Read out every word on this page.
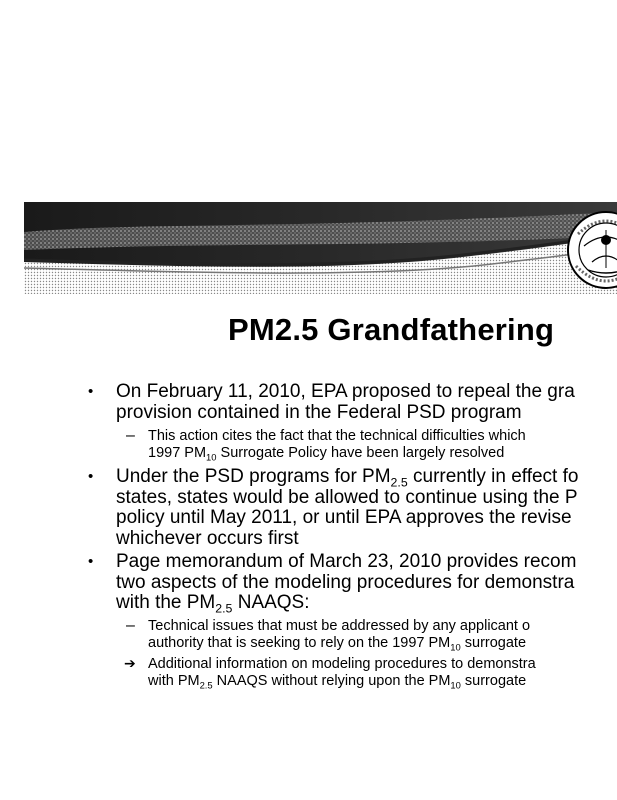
PM2.5 Grandfathering
• On February 11, 2010, EPA proposed to repeal the gra
provision contained in the Federal PSD program
– This action cites the fact that the technical difficulties which
1997 $PM_{10}$ Surrogate Policy have been largely resolved
• Under the PSD programs for $PM_{2.5}$ currently in effect fo
states, states would be allowed to continue using the P
policy until May 2011, or until EPA approves the revise
whichever occurs first
• Page memorandum of March 23, 2010 provides recom
two aspects of the modeling procedures for demonstra
with the $PM_{2.5}$ NAAQS:
– Technical issues that must be addressed by any applicant o
authority that is seeking to rely on the 1997 $PM_{10}$ surrogate
➔ Additional information on modeling procedures to demonstra
with $PM_{2.5}$ NAAQS without relying upon the $PM_{10}$ surrogate
